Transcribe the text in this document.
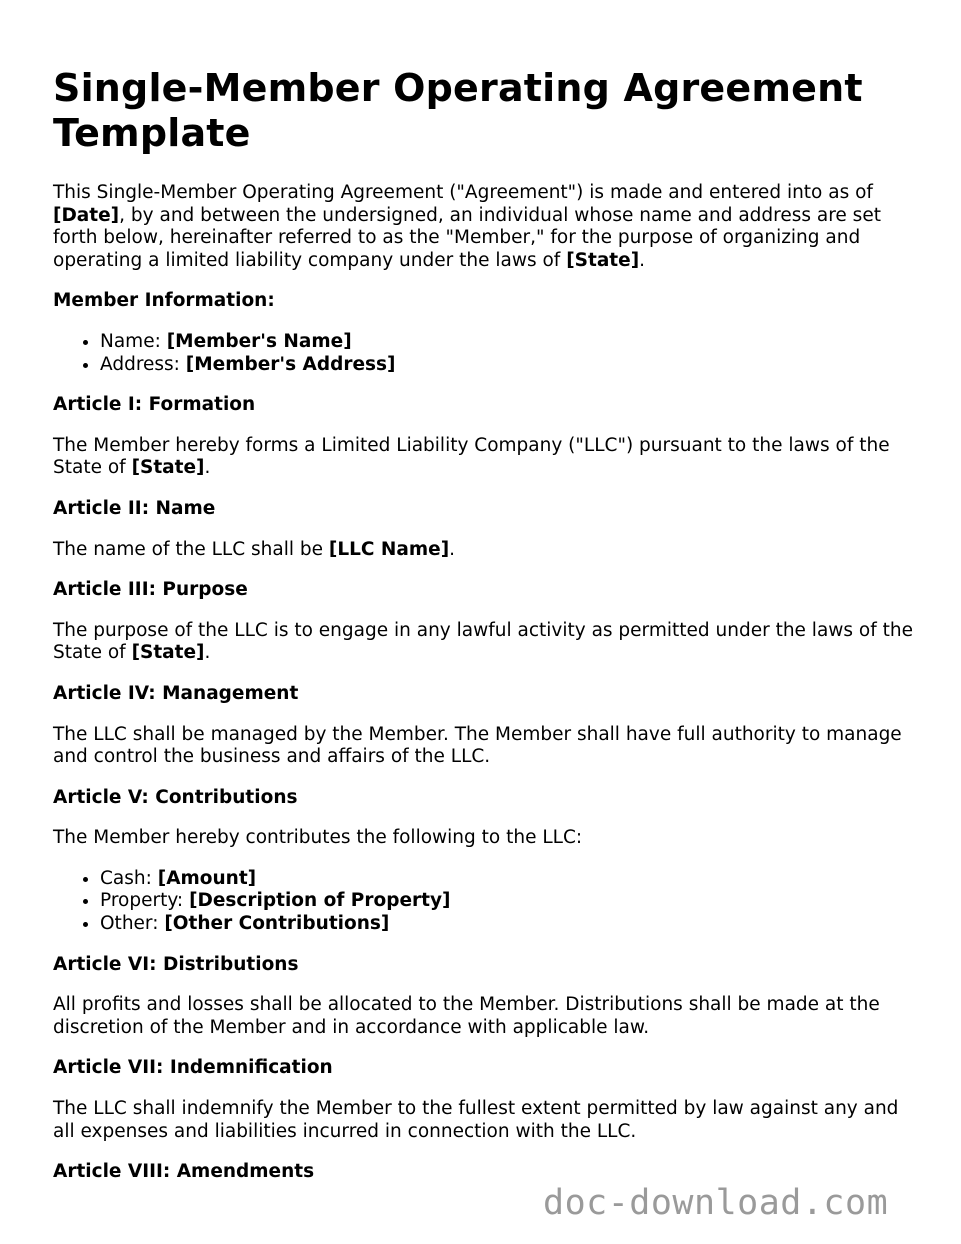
Single-Member Operating Agreement Template

This Single-Member Operating Agreement ("Agreement") is made and entered into as of [Date], by and between the undersigned, an individual whose name and address are set forth below, hereinafter referred to as the "Member," for the purpose of organizing and operating a limited liability company under the laws of [State].

Member Information:
• Name: [Member's Name]
• Address: [Member's Address]
Article I: Formation

The Member hereby forms a Limited Liability Company ("LLC") pursuant to the laws of the State of [State].

Article II: Name

The name of the LLC shall be [LLC Name].

Article III: Purpose

The purpose of the LLC is to engage in any lawful activity as permitted under the laws of the State of [State].

Article IV: Management

The LLC shall be managed by the Member. The Member shall have full authority to manage and control the business and affairs of the LLC.

Article V: Contributions

The Member hereby contributes the following to the LLC:

• Cash: [Amount]
• Property: [Description of Property]
• Other: [Other Contributions]
Article VI: Distributions

All profits and losses shall be allocated to the Member. Distributions shall be made at the discretion of the Member and in accordance with applicable law.

Article VII: Indemnification

The LLC shall indemnify the Member to the fullest extent permitted by law against any and all expenses and liabilities incurred in connection with the LLC.

Article VIII: Amendments
doc-download.com
